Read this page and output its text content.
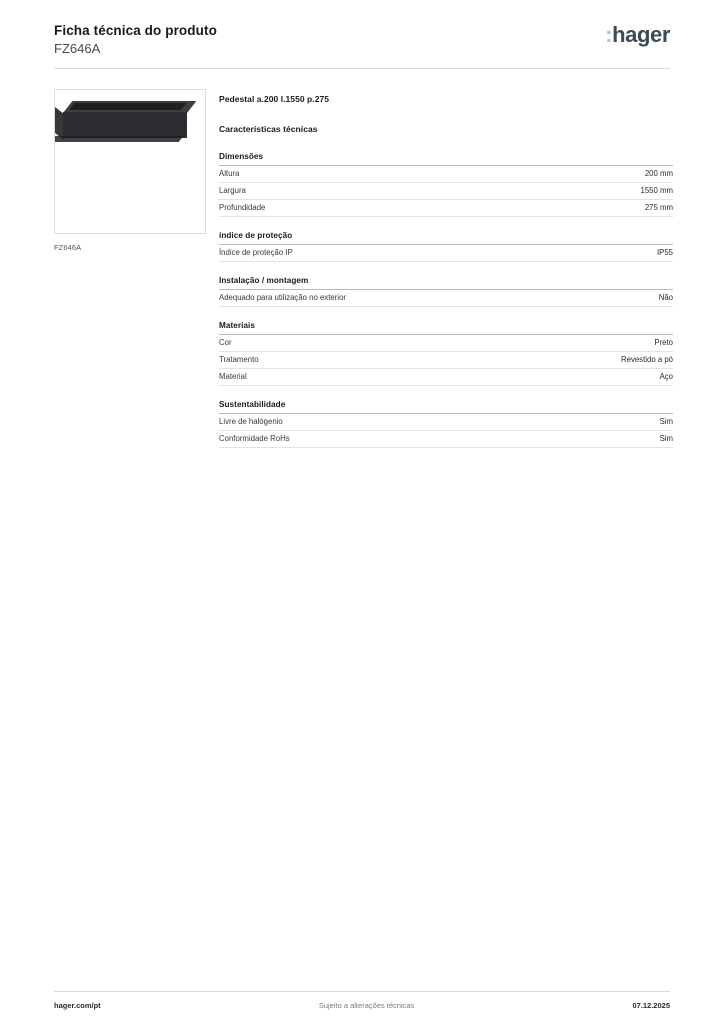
Ficha técnica do produto
FZ646A
:hager
FZ646A
Pedestal a.200 l.1550 p.275
Características técnicas
Dimensões
Altura	200 mm
Largura	1550 mm
Profundidade	275 mm
índice de proteção
Índice de proteção IP	IP55
Instalação / montagem
Adequado para utilização no exterior	Não
Materiais
Cor	Preto
Tratamento	Revestido a pó
Material	Aço
Sustentabilidade
Livre de halógenio	Sim
Conformidade RoHs	Sim
hager.com/pt	Sujeito a alterações técnicas	07.12.2025
